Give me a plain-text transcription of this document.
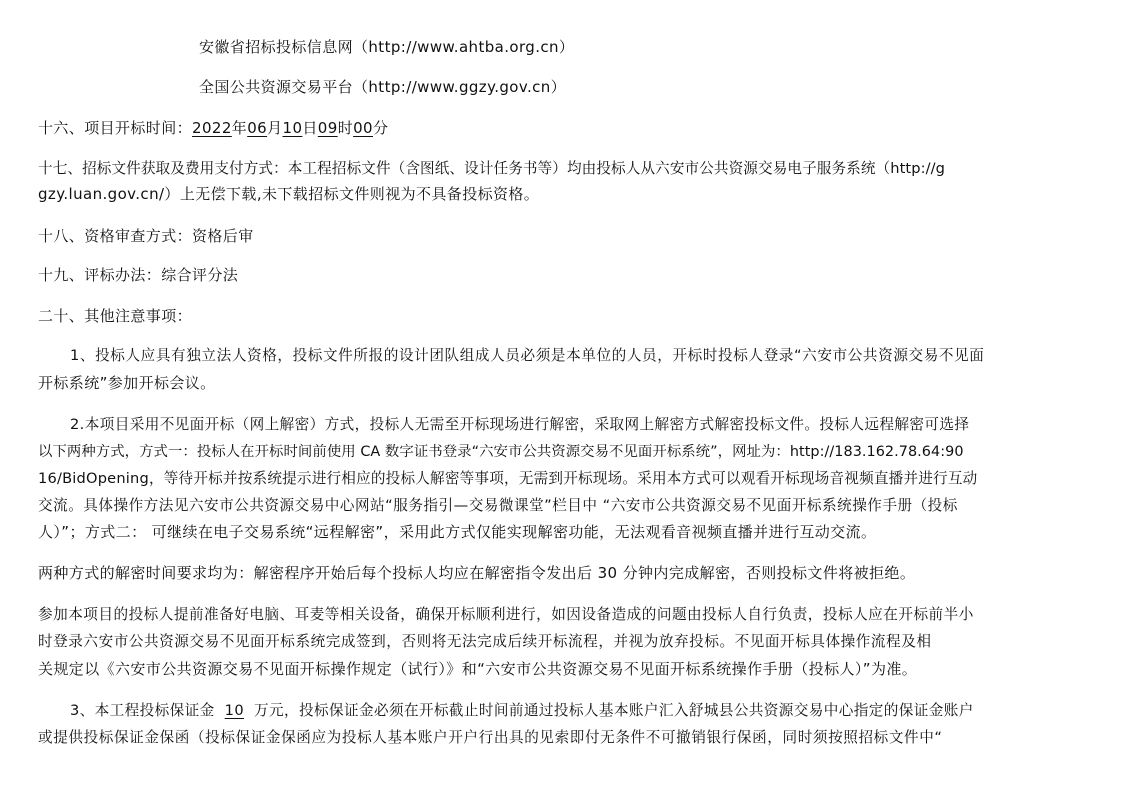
安徽省招标投标信息网（http://www.ahtba.org.cn）
全国公共资源交易平台（http://www.ggzy.gov.cn）
十六、项目开标时间：2022年06月10日09时00分
十七、招标文件获取及费用支付方式：本工程招标文件（含图纸、设计任务书等）均由投标人从六安市公共资源交易电子服务系统（http://g
gzy.luan.gov.cn/）上无偿下载,未下载招标文件则视为不具备投标资格。
十八、资格审查方式：资格后审
十九、评标办法：综合评分法
二十、其他注意事项：
1、投标人应具有独立法人资格，投标文件所报的设计团队组成人员必须是本单位的人员，开标时投标人登录“六安市公共资源交易不见面
开标系统”参加开标会议。
2.本项目采用不见面开标（网上解密）方式，投标人无需至开标现场进行解密，采取网上解密方式解密投标文件。投标人远程解密可选择
以下两种方式，方式一：投标人在开标时间前使用 CA 数字证书登录“六安市公共资源交易不见面开标系统”，网址为：http://183.162.78.64:90
16/BidOpening，等待开标并按系统提示进行相应的投标人解密等事项，无需到开标现场。采用本方式可以观看开标现场音视频直播并进行互动
交流。具体操作方法见六安市公共资源交易中心网站“服务指引—交易微课堂”栏目中 “六安市公共资源交易不见面开标系统操作手册（投标
人）”；方式二： 可继续在电子交易系统“远程解密”，采用此方式仅能实现解密功能，无法观看音视频直播并进行互动交流。
两种方式的解密时间要求均为：解密程序开始后每个投标人均应在解密指令发出后 30 分钟内完成解密，否则投标文件将被拒绝。
参加本项目的投标人提前准备好电脑、耳麦等相关设备，确保开标顺利进行，如因设备造成的问题由投标人自行负责，投标人应在开标前半小
时登录六安市公共资源交易不见面开标系统完成签到，否则将无法完成后续开标流程，并视为放弃投标。不见面开标具体操作流程及相
关规定以《六安市公共资源交易不见面开标操作规定（试行）》和“六安市公共资源交易不见面开标系统操作手册（投标人）”为准。
3、本工程投标保证金 10 万元，投标保证金必须在开标截止时间前通过投标人基本账户汇入舒城县公共资源交易中心指定的保证金账户
或提供投标保证金保函（投标保证金保函应为投标人基本账户开户行出具的见索即付无条件不可撤销银行保函，同时须按照招标文件中“
